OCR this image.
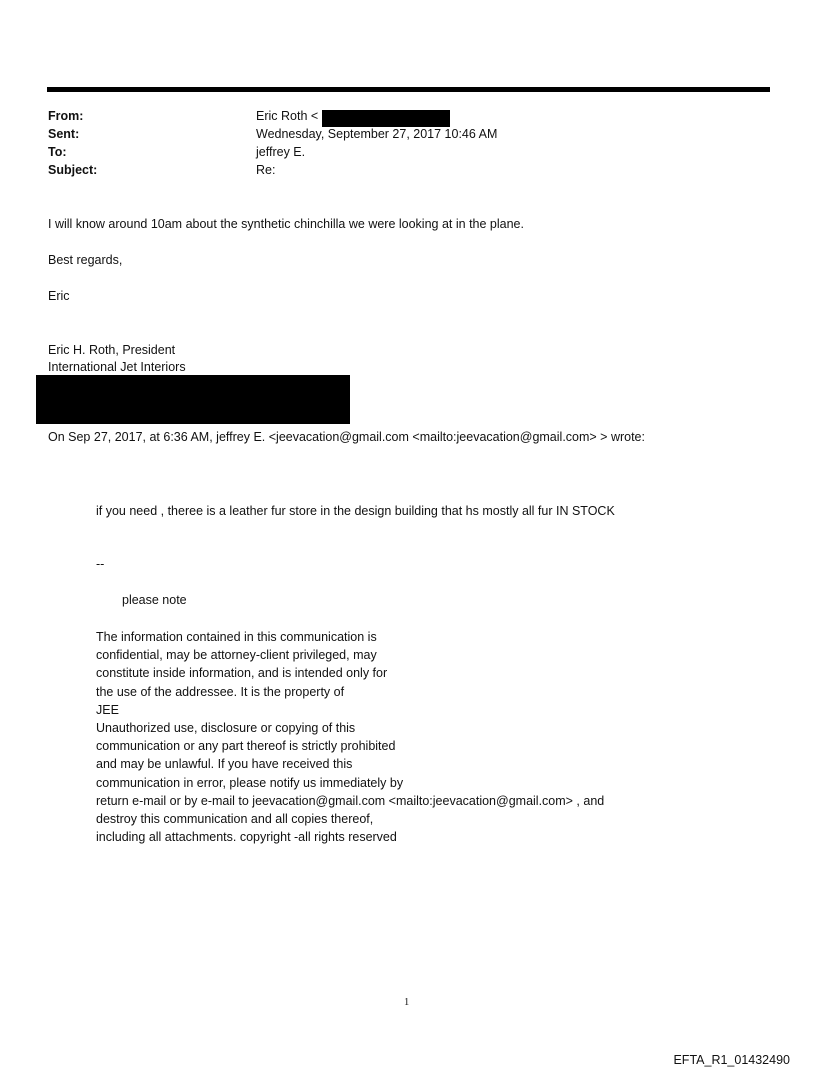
From:	Eric Roth <
Sent:	Wednesday, September 27, 2017 10:46 AM
To:	jeffrey E.
Subject:	Re:
I will know around 10am about the synthetic chinchilla we were looking at in the plane.
Best regards,
Eric
Eric H. Roth, President
International Jet Interiors
On Sep 27, 2017, at 6:36 AM, jeffrey E. <jeevacation@gmail.com <mailto:jeevacation@gmail.com> > wrote:
if you need , theree is a leather fur store in the design building that hs mostly all fur IN STOCK
--
please note
The information contained in this communication is
confidential, may be attorney-client privileged, may
constitute inside information, and is intended only for
the use of the addressee. It is the property of
JEE
Unauthorized use, disclosure or copying of this
communication or any part thereof is strictly prohibited
and may be unlawful. If you have received this
communication in error, please notify us immediately by
return e-mail or by e-mail to jeevacation@gmail.com <mailto:jeevacation@gmail.com> , and
destroy this communication and all copies thereof,
including all attachments. copyright -all rights reserved
1
EFTA_R1_01432490
